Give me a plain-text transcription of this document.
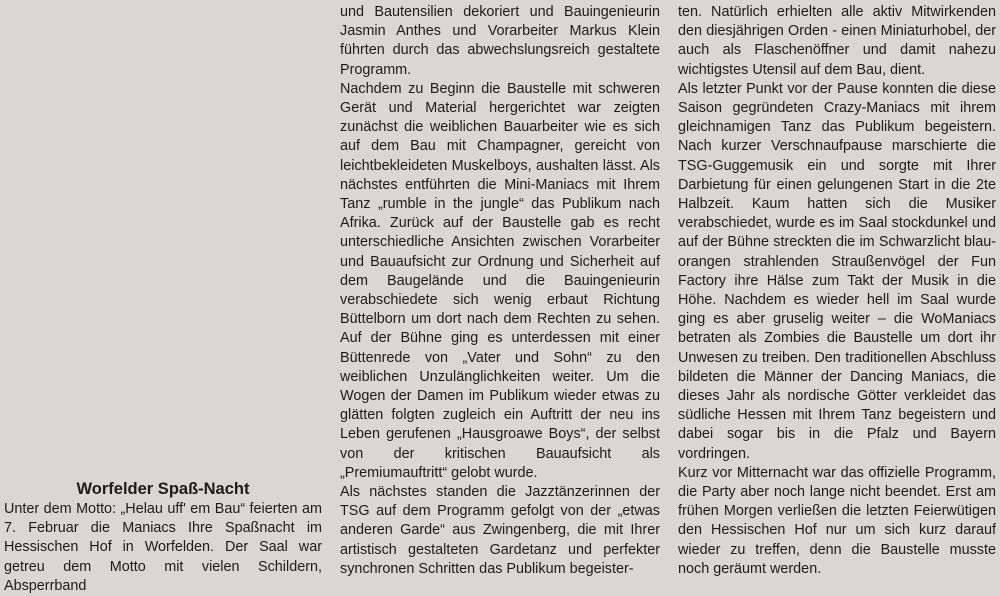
Worfelder Spaß-Nacht

Unter dem Motto: „Helau uff' em Bau“ feierten am 7. Februar die Maniacs Ihre Spaßnacht im Hessischen Hof in Worfelden. Der Saal war getreu dem Motto mit vielen Schildern, Absperrband

und Bautensilien dekoriert und Bauingenieurin Jasmin Anthes und Vorarbeiter Markus Klein führten durch das abwechslungsreich gestaltete Programm.

Nachdem zu Beginn die Baustelle mit schweren Gerät und Material hergerichtet war zeigten zunächst die weiblichen Bauarbeiter wie es sich auf dem Bau mit Champagner, gereicht von leichtbekleideten Muskelboys, aushalten lässt. Als nächstes entführten die Mini-Maniacs mit Ihrem Tanz „rumble in the jungle“ das Publikum nach Afrika. Zurück auf der Baustelle gab es recht unterschiedliche Ansichten zwischen Vorarbeiter und Bauaufsicht zur Ordnung und Sicherheit auf dem Baugelände und die Bauingenieurin verabschiedete sich wenig erbaut Richtung Büttelborn um dort nach dem Rechten zu sehen. Auf der Bühne ging es unterdessen mit einer Büttenrede von „Vater und Sohn“ zu den weiblichen Unzulänglichkeiten weiter. Um die Wogen der Damen im Publikum wieder etwas zu glätten folgten zugleich ein Auftritt der neu ins Leben gerufenen „Hausgroawe Boys“, der selbst von der kritischen Bauaufsicht als „Premiumauftritt“ gelobt wurde.

Als nächstes standen die Jazztänzerinnen der TSG auf dem Programm gefolgt von der „etwas anderen Garde“ aus Zwingenberg, die mit Ihrer artistisch gestalteten Gardetanz und perfekter synchronen Schritten das Publikum begeister-

ten. Natürlich erhielten alle aktiv Mitwirkenden den diesjährigen Orden - einen Miniaturhobel, der auch als Flaschenöffner und damit nahezu wichtigstes Utensil auf dem Bau, dient.

Als letzter Punkt vor der Pause konnten die diese Saison gegründeten Crazy-Maniacs mit ihrem gleichnamigen Tanz das Publikum begeistern. Nach kurzer Verschnaufpause marschierte die TSG-Guggemusik ein und sorgte mit Ihrer Darbietung für einen gelungenen Start in die 2te Halbzeit. Kaum hatten sich die Musiker verabschiedet, wurde es im Saal stockdunkel und auf der Bühne streckten die im Schwarzlicht blau-orangen strahlenden Straußenvögel der Fun Factory ihre Hälse zum Takt der Musik in die Höhe. Nachdem es wieder hell im Saal wurde ging es aber gruselig weiter – die WoManiacs betraten als Zombies die Baustelle um dort ihr Unwesen zu treiben. Den traditionellen Abschluss bildeten die Männer der Dancing Maniacs, die dieses Jahr als nordische Götter verkleidet das südliche Hessen mit Ihrem Tanz begeistern und dabei sogar bis in die Pfalz und Bayern vordringen.

Kurz vor Mitternacht war das offizielle Programm, die Party aber noch lange nicht beendet. Erst am frühen Morgen verließen die letzten Feierwütigen den Hessischen Hof nur um sich kurz darauf wieder zu treffen, denn die Baustelle musste noch geräumt werden.
